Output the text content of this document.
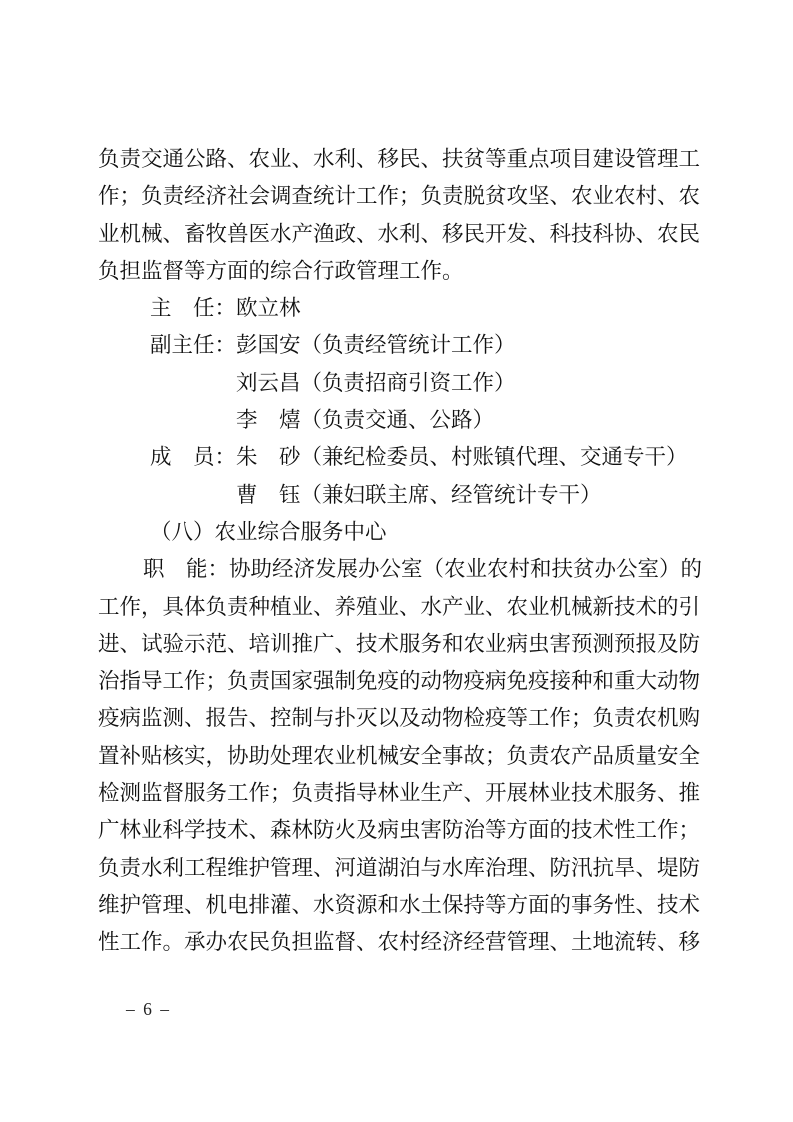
负责交通公路、农业、水利、移民、扶贫等重点项目建设管理工
作；负责经济社会调查统计工作；负责脱贫攻坚、农业农村、农
业机械、畜牧兽医水产渔政、水利、移民开发、科技科协、农民
负担监督等方面的综合行政管理工作。
主　任：欧立林
副主任：彭国安（负责经管统计工作）
刘云昌（负责招商引资工作）
李　熺（负责交通、公路）
成　员：朱　砂（兼纪检委员、村账镇代理、交通专干）
曹　钰（兼妇联主席、经管统计专干）
（八）农业综合服务中心
职　能：协助经济发展办公室（农业农村和扶贫办公室）的
工作，具体负责种植业、养殖业、水产业、农业机械新技术的引
进、试验示范、培训推广、技术服务和农业病虫害预测预报及防
治指导工作；负责国家强制免疫的动物疫病免疫接种和重大动物
疫病监测、报告、控制与扑灭以及动物检疫等工作；负责农机购
置补贴核实，协助处理农业机械安全事故；负责农产品质量安全
检测监督服务工作；负责指导林业生产、开展林业技术服务、推
广林业科学技术、森林防火及病虫害防治等方面的技术性工作；
负责水利工程维护管理、河道湖泊与水库治理、防汛抗旱、堤防
维护管理、机电排灌、水资源和水土保持等方面的事务性、技术
性工作。承办农民负担监督、农村经济经营管理、土地流转、移
– 6 –
